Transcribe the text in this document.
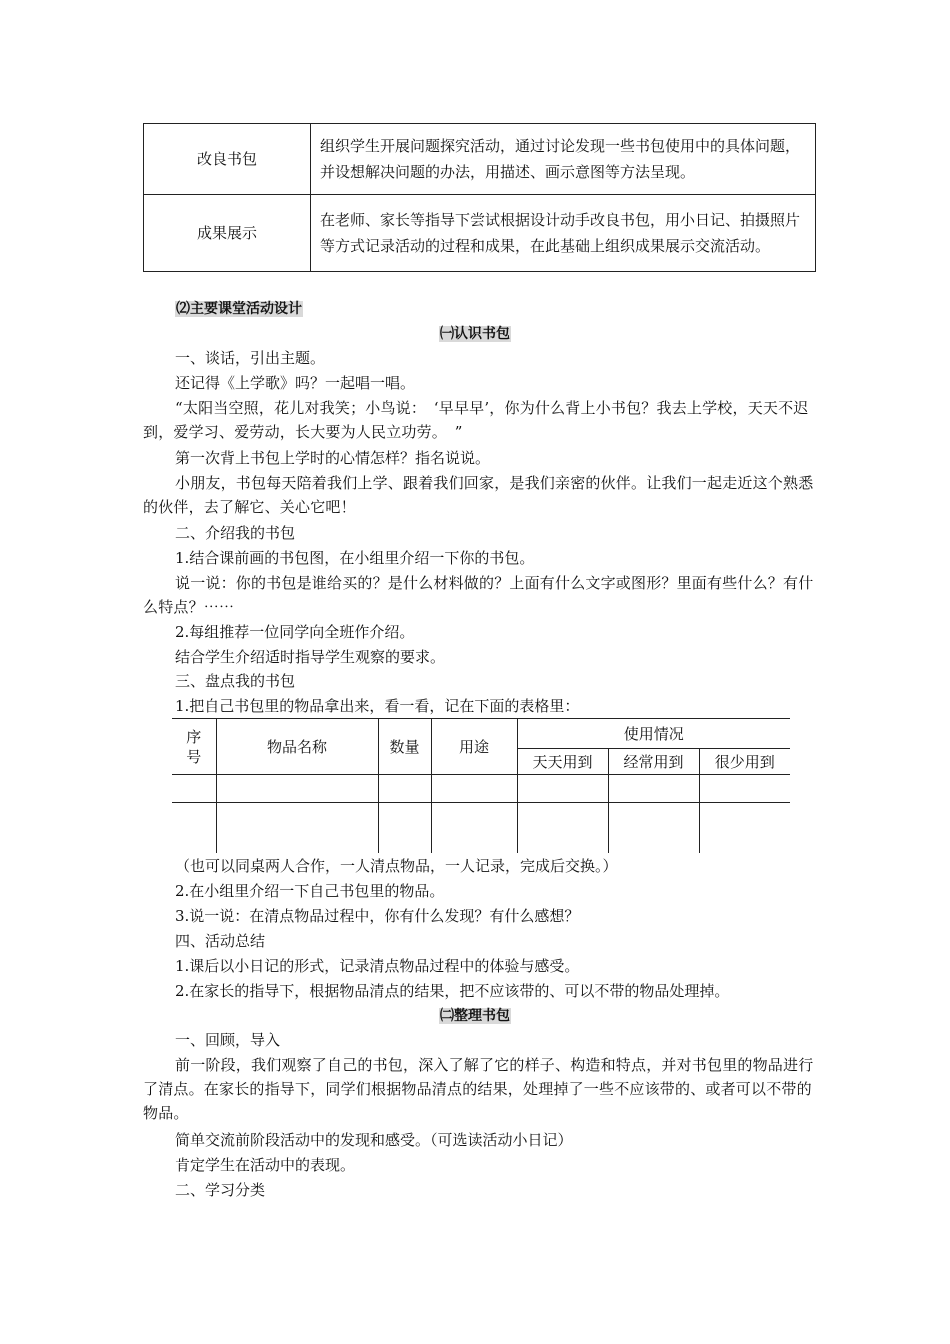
改良书包	组织学生开展问题探究活动，通过讨论发现一些书包使用中的具体问题，并设想解决问题的办法，用描述、画示意图等方法呈现。
成果展示	在老师、家长等指导下尝试根据设计动手改良书包，用小日记、拍摄照片等方式记录活动的过程和成果，在此基础上组织成果展示交流活动。
⑵主要课堂活动设计
㈠认识书包
一、谈话，引出主题。
还记得《上学歌》吗？一起唱一唱。
“太阳当空照，花儿对我笑；小鸟说：　‘早早早’，你为什么背上小书包？我去上学校，天天不迟到，爱学习、爱劳动，长大要为人民立功劳。　”
第一次背上书包上学时的心情怎样？指名说说。
小朋友，书包每天陪着我们上学、跟着我们回家，是我们亲密的伙伴。让我们一起走近这个熟悉的伙伴，去了解它、关心它吧！
二、介绍我的书包
1.结合课前画的书包图，在小组里介绍一下你的书包。
说一说：你的书包是谁给买的？是什么材料做的？上面有什么文字或图形？里面有些什么？有什么特点？⋯⋯
2.每组推荐一位同学向全班作介绍。
结合学生介绍适时指导学生观察的要求。
三、盘点我的书包
1.把自己书包里的物品拿出来，看一看，记在下面的表格里：
序号	物品名称	数量	用途	使用情况		
				天天用到	经常用到	很少用到

（也可以同桌两人合作，一人清点物品，一人记录，完成后交换。）
2.在小组里介绍一下自己书包里的物品。
3.说一说：在清点物品过程中，你有什么发现？有什么感想？
四、活动总结
1.课后以小日记的形式，记录清点物品过程中的体验与感受。
2.在家长的指导下，根据物品清点的结果，把不应该带的、可以不带的物品处理掉。
㈡整理书包
一、回顾，导入
前一阶段，我们观察了自己的书包，深入了解了它的样子、构造和特点，并对书包里的物品进行了清点。在家长的指导下，同学们根据物品清点的结果，处理掉了一些不应该带的、或者可以不带的物品。
简单交流前阶段活动中的发现和感受。（可选读活动小日记）
肯定学生在活动中的表现。
二、学习分类
